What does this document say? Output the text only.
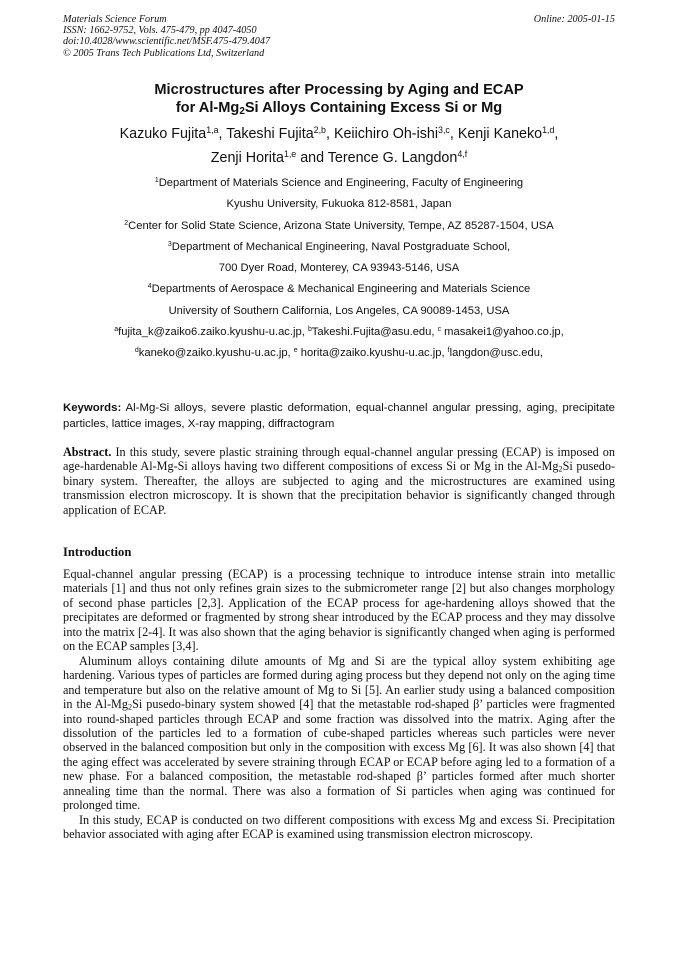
Materials Science Forum
ISSN: 1662-9752, Vols. 475-479, pp 4047-4050
doi:10.4028/www.scientific.net/MSF.475-479.4047
© 2005 Trans Tech Publications Ltd, Switzerland
Online: 2005-01-15
Microstructures after Processing by Aging and ECAP
for $Al-Mg_2Si$ Alloys Containing Excess Si or Mg
Kazuko Fujita$^{1,a}$, Takeshi Fujita$^{2,b}$, Keiichiro Oh-ishi$^{3,c}$, Kenji Kaneko$^{1,d}$,
Zenji Horita$^{1,e}$ and Terence G. Langdon$^{4,f}$
$^1$Department of Materials Science and Engineering, Faculty of Engineering
Kyushu University, Fukuoka 812-8581, Japan
$^2$Center for Solid State Science, Arizona State University, Tempe, AZ 85287-1504, USA
$^3$Department of Mechanical Engineering, Naval Postgraduate School,
700 Dyer Road, Monterey, CA 93943-5146, USA
$^4$Departments of Aerospace & Mechanical Engineering and Materials Science
University of Southern California, Los Angeles, CA 90089-1453, USA
$^a$fujita_k@zaiko6.zaiko.kyushu-u.ac.jp, $^b$Takeshi.Fujita@asu.edu, $^c$ masakei1@yahoo.co.jp,
$^d$kaneko@zaiko.kyushu-u.ac.jp, $^e$ horita@zaiko.kyushu-u.ac.jp, $^f$langdon@usc.edu,
Keywords: Al-Mg-Si alloys, severe plastic deformation, equal-channel angular pressing, aging, precipitate particles, lattice images, X-ray mapping, diffractogram
Abstract. In this study, severe plastic straining through equal-channel angular pressing (ECAP) is imposed on age-hardenable Al-Mg-Si alloys having two different compositions of excess Si or Mg in the $Al-Mg_2Si$ pusedo-binary system. Thereafter, the alloys are subjected to aging and the microstructures are examined using transmission electron microscopy. It is shown that the precipitation behavior is significantly changed through application of ECAP.
Introduction

Equal-channel angular pressing (ECAP) is a processing technique to introduce intense strain into metallic materials [1] and thus not only refines grain sizes to the submicrometer range [2] but also changes morphology of second phase particles [2,3]. Application of the ECAP process for age-hardening alloys showed that the precipitates are deformed or fragmented by strong shear introduced by the ECAP process and they may dissolve into the matrix [2-4]. It was also shown that the aging behavior is significantly changed when aging is performed on the ECAP samples [3,4].

Aluminum alloys containing dilute amounts of Mg and Si are the typical alloy system exhibiting age hardening. Various types of particles are formed during aging process but they depend not only on the aging time and temperature but also on the relative amount of Mg to Si [5]. An earlier study using a balanced composition in the $Al-Mg_2Si$ pusedo-binary system showed [4] that the metastable rod-shaped β’ particles were fragmented into round-shaped particles through ECAP and some fraction was dissolved into the matrix. Aging after the dissolution of the particles led to a formation of cube-shaped particles whereas such particles were never observed in the balanced composition but only in the composition with excess Mg [6]. It was also shown [4] that the aging effect was accelerated by severe straining through ECAP or ECAP before aging led to a formation of a new phase. For a balanced composition, the metastable rod-shaped β’ particles formed after much shorter annealing time than the normal. There was also a formation of Si particles when aging was continued for prolonged time.

In this study, ECAP is conducted on two different compositions with excess Mg and excess Si. Precipitation behavior associated with aging after ECAP is examined using transmission electron microscopy.
